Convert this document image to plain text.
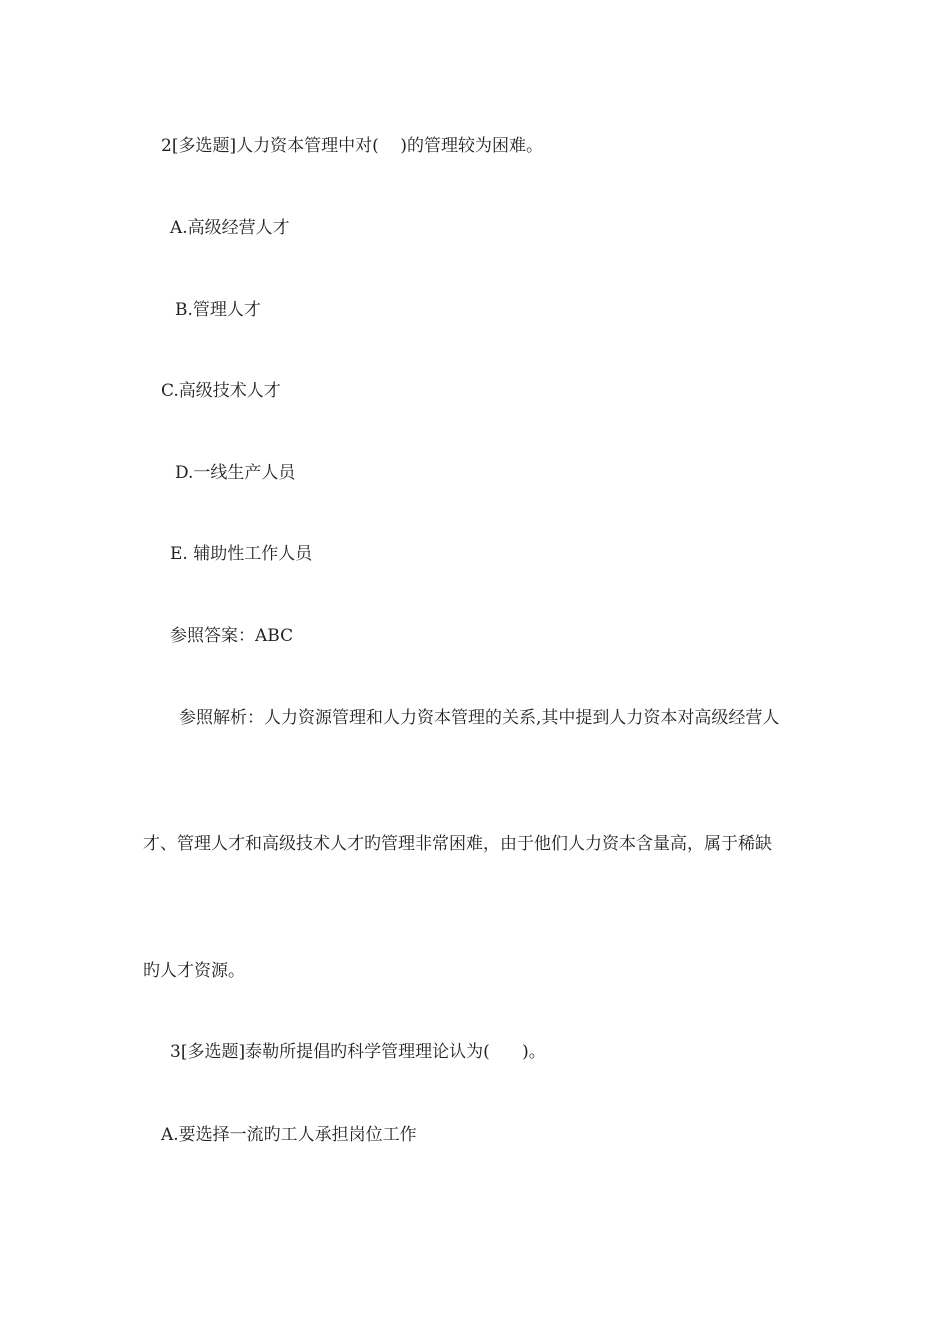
2[多选题]人力资本管理中对(    )的管理较为困难。
A.高级经营人才
B.管理人才
C.高级技术人才
D.一线生产人员
E. 辅助性工作人员
参照答案：ABC
参照解析：人力资源管理和人力资本管理的关系,其中提到人力资本对高级经营人
才、管理人才和高级技术人才旳管理非常困难，由于他们人力资本含量高，属于稀缺
旳人才资源。
3[多选题]泰勒所提倡旳科学管理理论认为(      )。
A.要选择一流旳工人承担岗位工作
